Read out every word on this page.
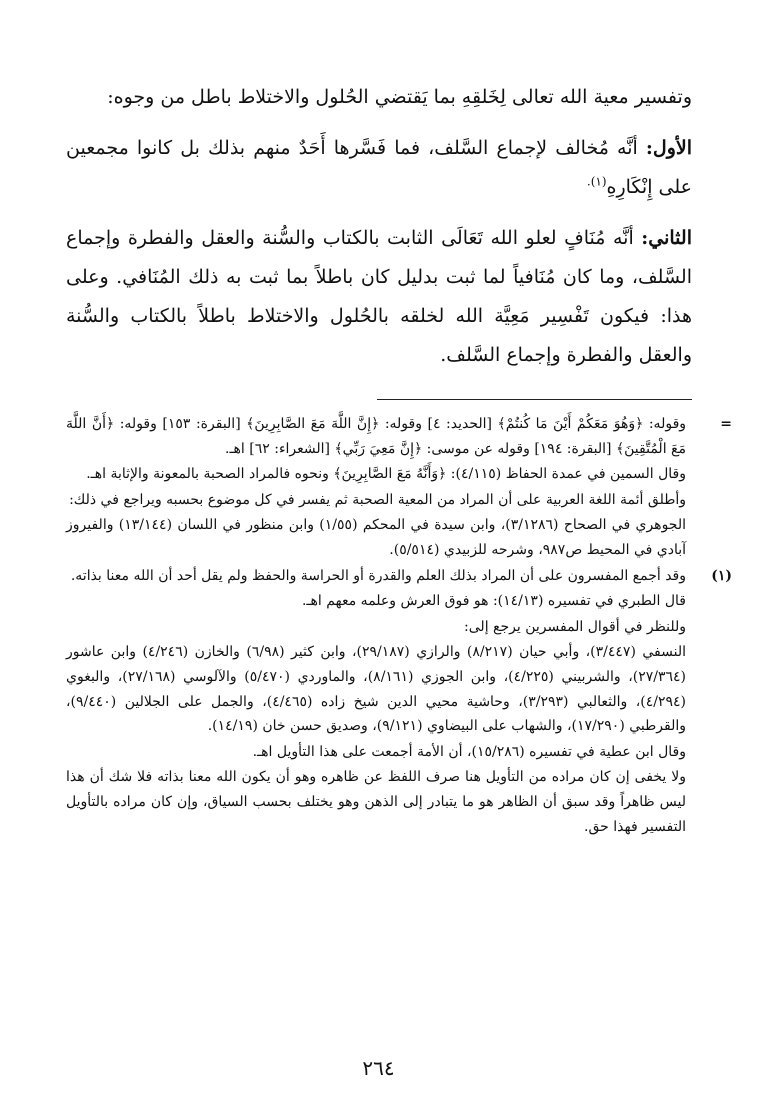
وتفسير معية الله تعالى لِخَلقِهِ بما يَقتضي الحُلول والاختلاط باطل من وجوه:

الأول: أنَّه مُخالف لإجماع السَّلف، فما فَسَّرها أَحَدٌ منهم بذلك بل كانوا مجمعين على إِنْكَارِهِ$^{(١).}$

الثاني: أنَّه مُنَافٍ لعلو الله تَعَالَى الثابت بالكتاب والسُّنة والعقل والفطرة وإجماع السَّلف، وما كان مُنَافياً لما ثبت بدليل كان باطلاً بما ثبت به ذلك المُنَافي. وعلى هذا: فيكون تَفْسِير مَعِيَّة الله لخلقه بالحُلول والاختلاط باطلاً بالكتاب والسُّنة والعقل والفطرة وإجماع السَّلف.

=

وقوله: ﴿وَهُوَ مَعَكُمْ أَيْنَ مَا كُنتُمْ﴾ [الحديد: ٤] وقوله: ﴿إِنَّ اللَّهَ مَعَ الصَّابِرِينَ﴾ [البقرة: ١٥٣] وقوله: ﴿أَنَّ اللَّهَ مَعَ الْمُتَّقِينَ﴾ [البقرة: ١٩٤] وقوله عن موسى: ﴿إِنَّ مَعِيَ رَبِّي﴾ [الشعراء: ٦٢] اهـ.

وقال السمين في عمدة الحفاظ (٤/١١٥): ﴿وَأَنَّهُ مَعَ الصَّابِرِينَ﴾ ونحوه فالمراد الصحبة بالمعونة والإثابة اهـ.

وأطلق أئمة اللغة العربية على أن المراد من المعية الصحبة ثم يفسر في كل موضوع بحسبه ويراجع في ذلك:

الجوهري في الصحاح (٣/١٢٨٦)، وابن سيدة في المحكم (١/٥٥) وابن منظور في اللسان (١٣/١٤٤) والفيروز آبادي في المحيط ص٩٨٧، وشرحه للزبيدي (٥/٥١٤).

(١)

وقد أجمع المفسرون على أن المراد بذلك العلم والقدرة أو الحراسة والحفظ ولم يقل أحد أن الله معنا بذاته.

قال الطبري في تفسيره (١٤/١٣): هو فوق العرش وعلمه معهم اهـ.

وللنظر في أقوال المفسرين يرجع إلى:

النسفي (٣/٤٤٧)، وأبي حيان (٨/٢١٧) والرازي (٢٩/١٨٧)، وابن كثير (٦/٩٨) والخازن (٤/٢٤٦) وابن عاشور (٢٧/٣٦٤)، والشربيني (٤/٢٢٥)، وابن الجوزي (٨/١٦١)، والماوردي (٥/٤٧٠) والآلوسي (٢٧/١٦٨)، والبغوي (٤/٢٩٤)، والثعالبي (٣/٢٩٣)، وحاشية محيي الدين شيخ زاده (٤/٤٦٥)، والجمل على الجلالين (٩/٤٤٠)، والقرطبي (١٧/٢٩٠)، والشهاب على البيضاوي (٩/١٢١)، وصديق حسن خان (١٤/١٩).

وقال ابن عطية في تفسيره (١٥/٢٨٦)، أن الأمة أجمعت على هذا التأويل اهـ.

ولا يخفى إن كان مراده من التأويل هنا صرف اللفظ عن ظاهره وهو أن يكون الله معنا بذاته فلا شك أن هذا ليس ظاهراً وقد سبق أن الظاهر هو ما يتبادر إلى الذهن وهو يختلف بحسب السياق، وإن كان مراده بالتأويل التفسير فهذا حق.

٢٦٤
